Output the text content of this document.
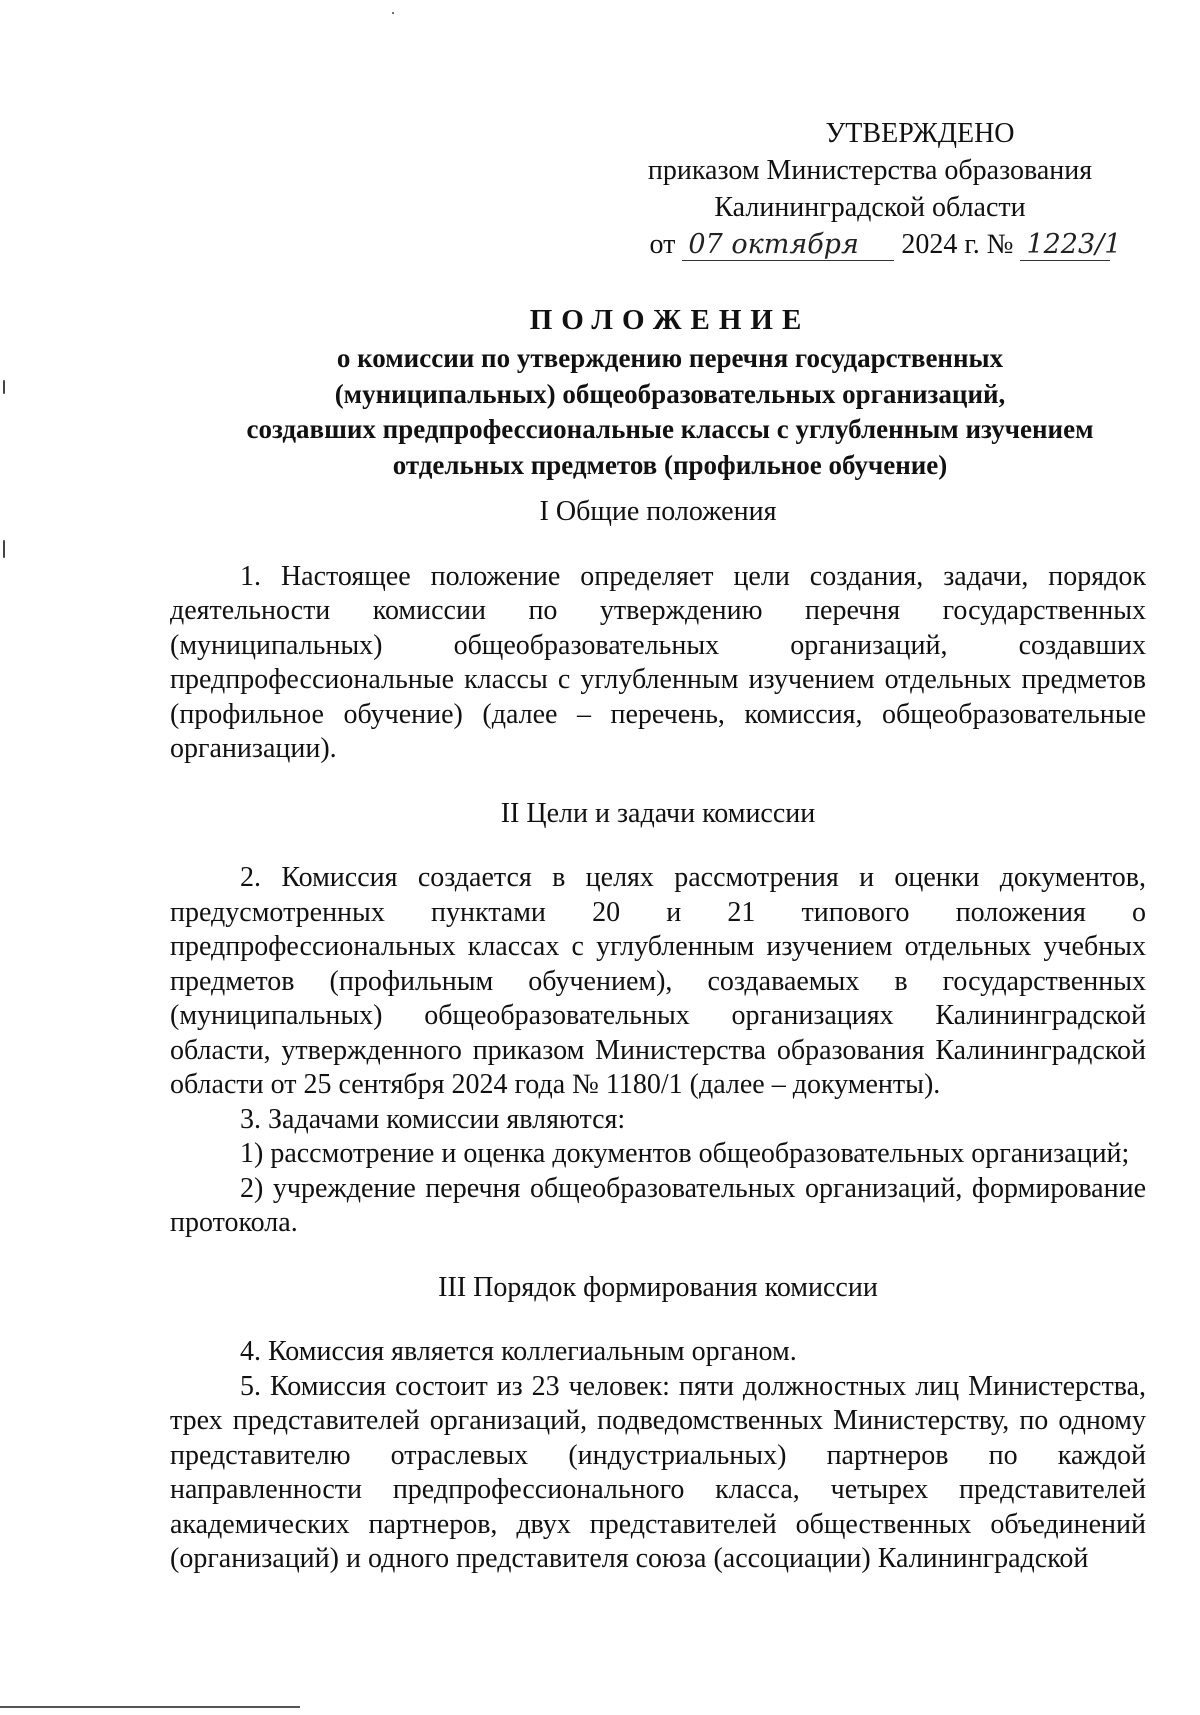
УТВЕРЖДЕНО
приказом Министерства образования
Калининградской области
от 07 октября 2024 г. № 1223/1
ПОЛОЖЕНИЕ
о комиссии по утверждению перечня государственных
(муниципальных) общеобразовательных организаций,
создавших предпрофессиональные классы с углубленным изучением
отдельных предметов (профильное обучение)
I Общие положения

1. Настоящее положение определяет цели создания, задачи, порядок деятельности комиссии по утверждению перечня государственных (муниципальных) общеобразовательных организаций, создавших предпрофессиональные классы с углубленным изучением отдельных предметов (профильное обучение) (далее – перечень, комиссия, общеобразовательные организации).

II Цели и задачи комиссии

2. Комиссия создается в целях рассмотрения и оценки документов, предусмотренных пунктами 20 и 21 типового положения о предпрофессиональных классах с углубленным изучением отдельных учебных предметов (профильным обучением), создаваемых в государственных (муниципальных) общеобразовательных организациях Калининградской области, утвержденного приказом Министерства образования Калининградской области от 25 сентября 2024 года № 1180/1 (далее – документы).

3. Задачами комиссии являются:

1) рассмотрение и оценка документов общеобразовательных организаций;

2) учреждение перечня общеобразовательных организаций, формирование протокола.

III Порядок формирования комиссии

4. Комиссия является коллегиальным органом.

5. Комиссия состоит из 23 человек: пяти должностных лиц Министерства, трех представителей организаций, подведомственных Министерству, по одному представителю отраслевых (индустриальных) партнеров по каждой направленности предпрофессионального класса, четырех представителей академических партнеров, двух представителей общественных объединений (организаций) и одного представителя союза (ассоциации) Калининградской
